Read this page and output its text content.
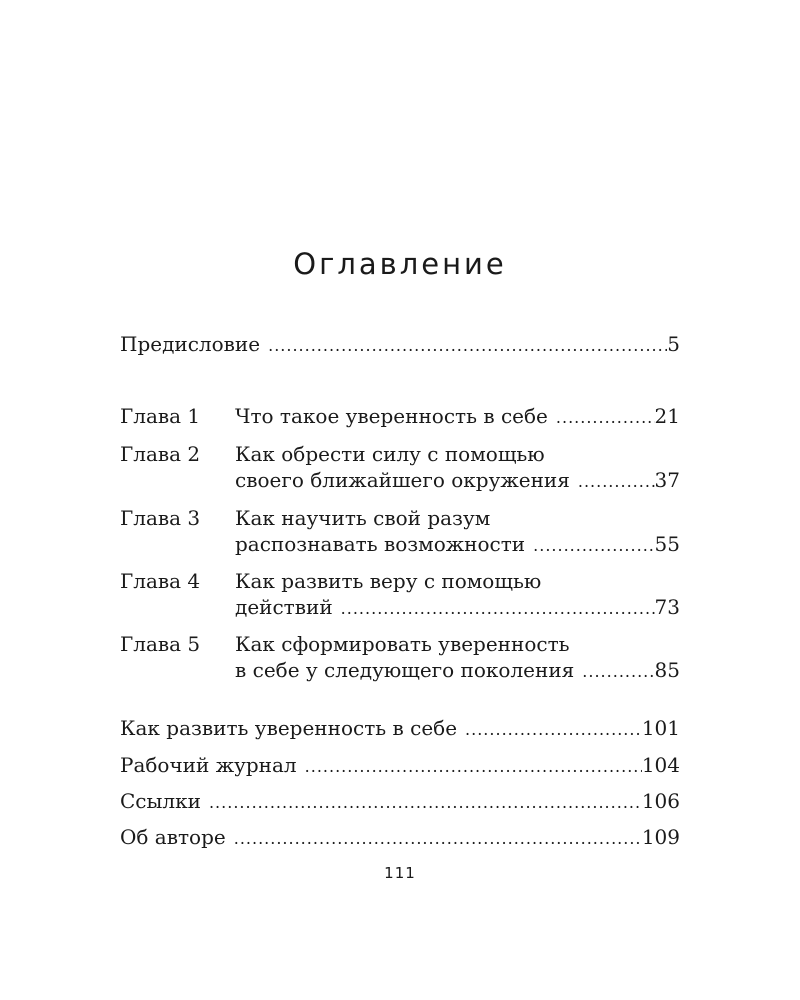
Оглавление
Предисловие .....	5
Глава 1 Что такое уверенность в себе .....	21
Глава 2 Как обрести силу с помощью
своего ближайшего окружения .....	37
Глава 3 Как научить свой разум
распознавать возможности .....	55
Глава 4 Как развить веру с помощью
действий .....	73
Глава 5 Как сформировать уверенность
в себе у следующего поколения .....	85
Как развить уверенность в себе .....	101
Рабочий журнал .....	104
Ссылки .....	106
Об авторе .....	109
111
